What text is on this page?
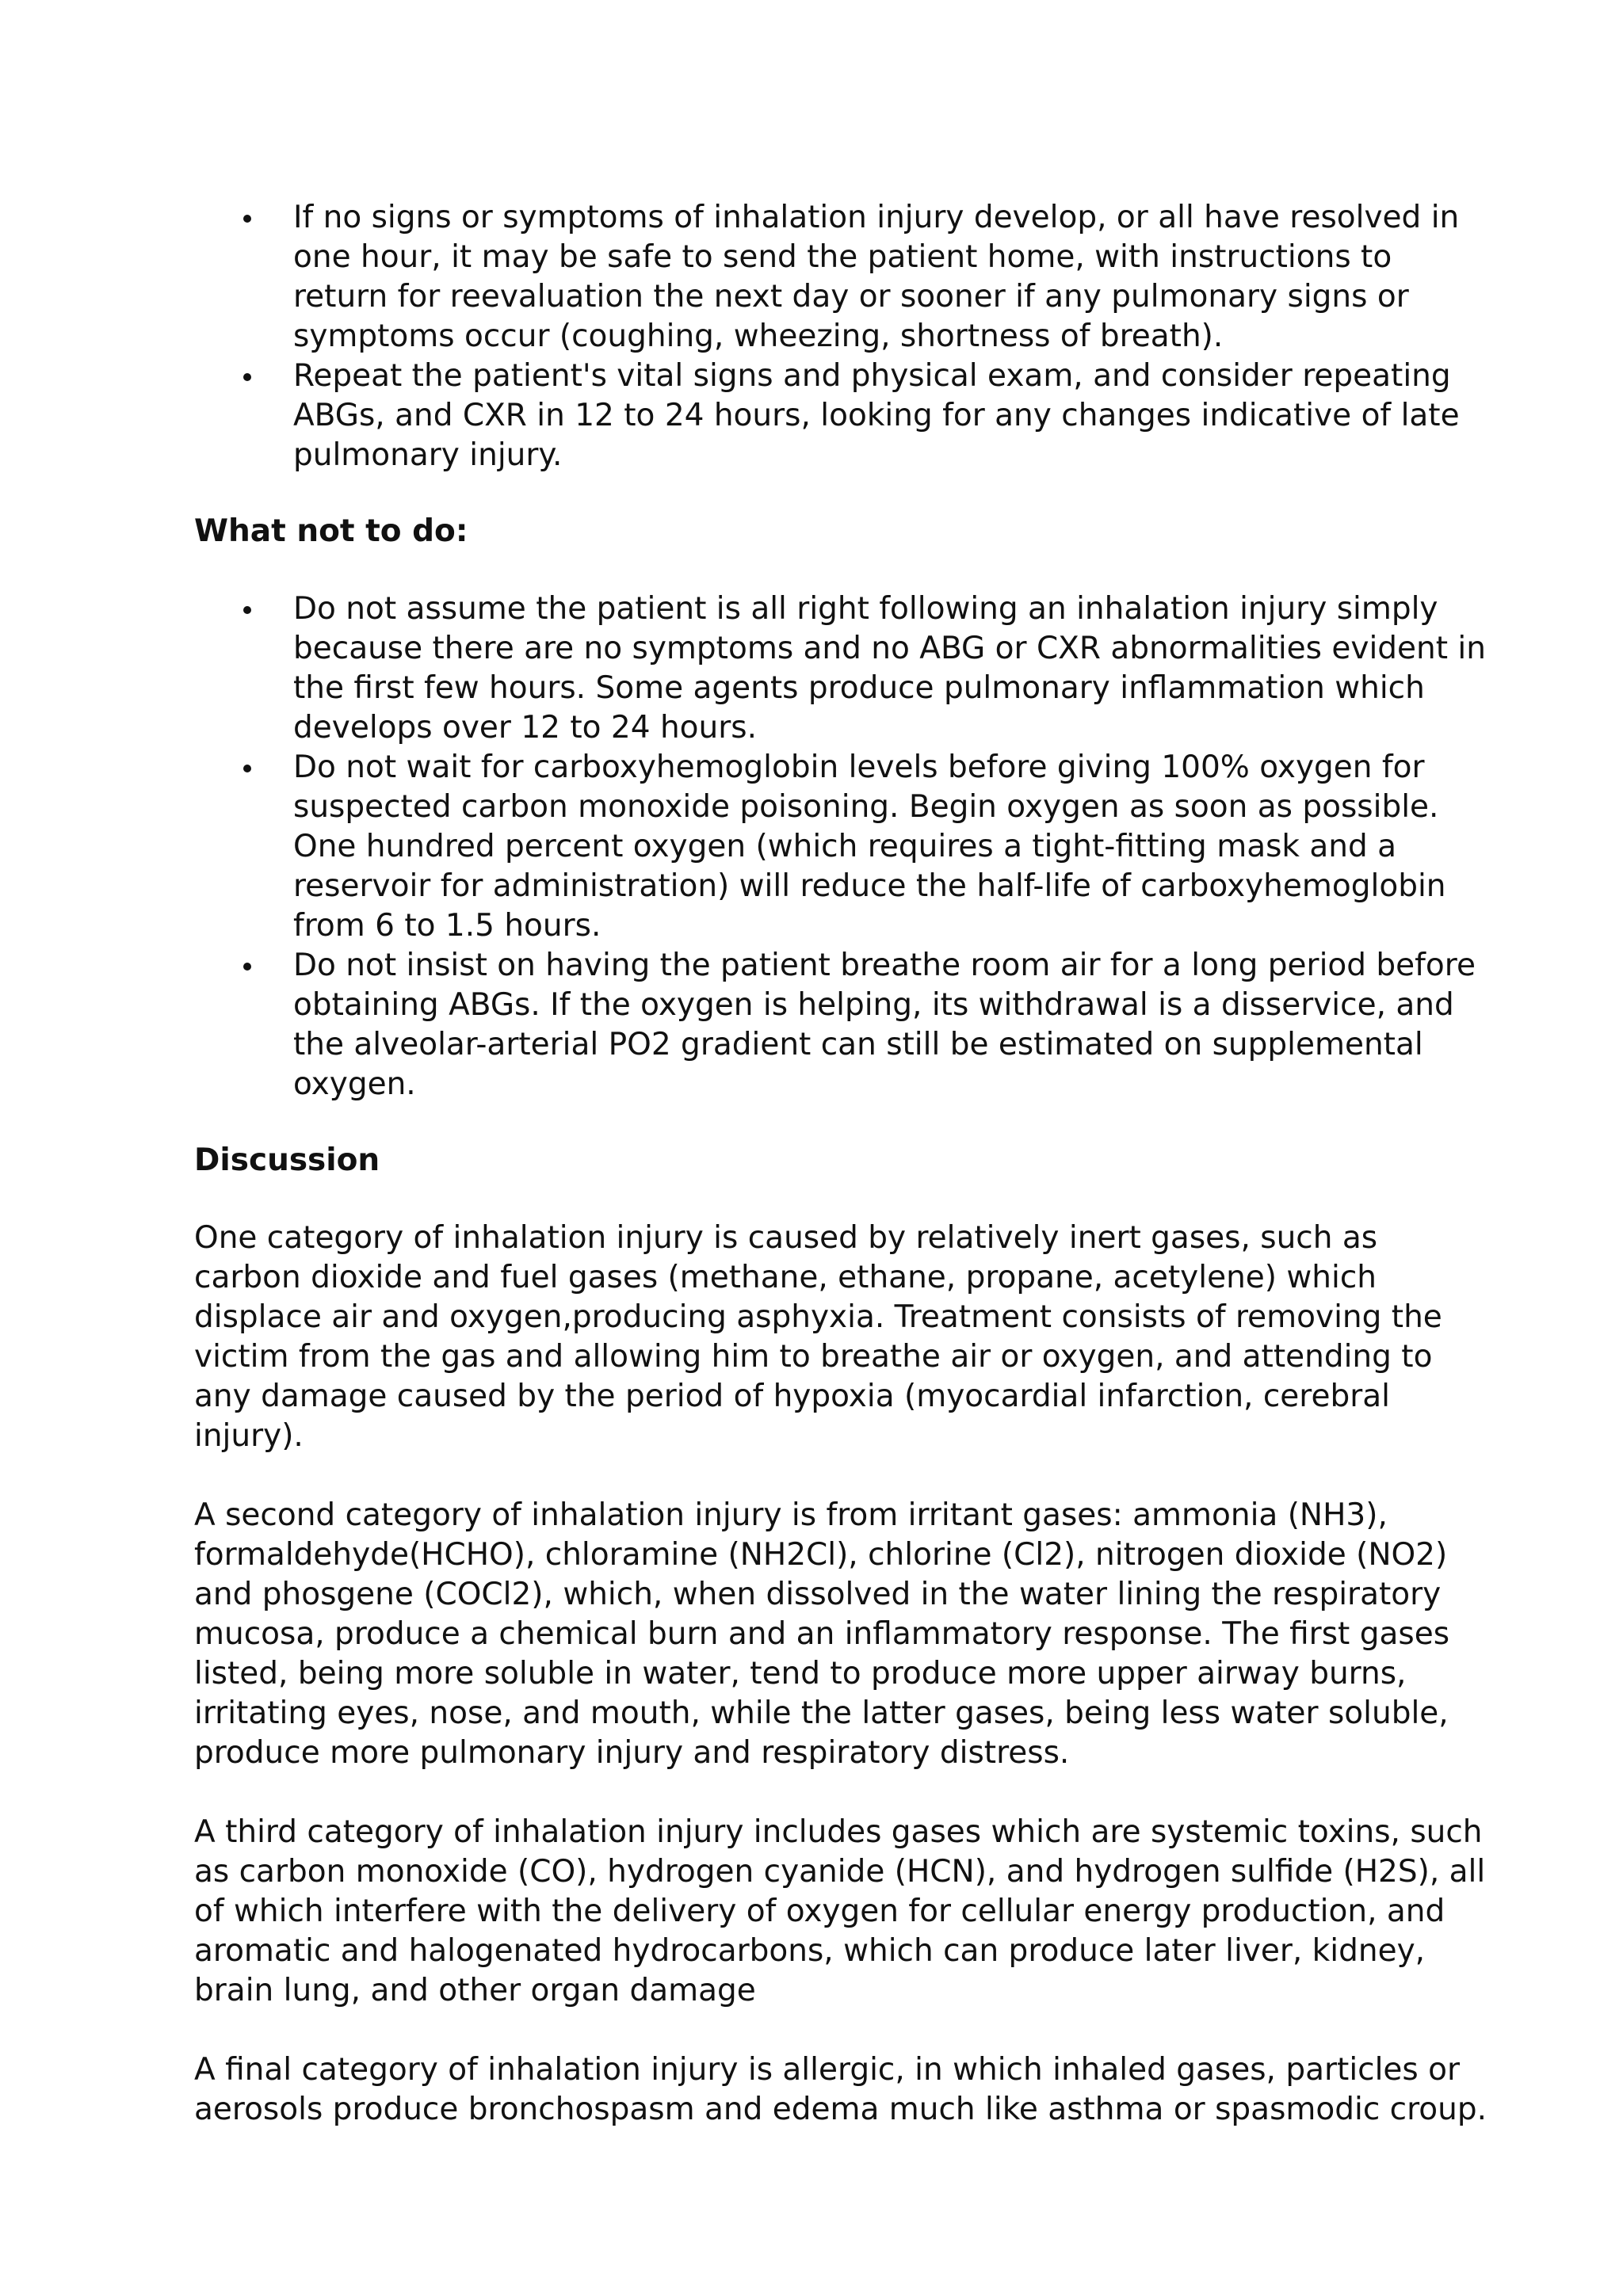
If no signs or symptoms of inhalation injury develop, or all have resolved in one hour, it may be safe to send the patient home, with instructions to return for reevaluation the next day or sooner if any pulmonary signs or symptoms occur (coughing, wheezing, shortness of breath).
Repeat the patient's vital signs and physical exam, and consider repeating ABGs, and CXR in 12 to 24 hours, looking for any changes indicative of late pulmonary injury.
What not to do:
Do not assume the patient is all right following an inhalation injury simply because there are no symptoms and no ABG or CXR abnormalities evident in the first few hours. Some agents produce pulmonary inflammation which develops over 12 to 24 hours.
Do not wait for carboxyhemoglobin levels before giving 100% oxygen for suspected carbon monoxide poisoning. Begin oxygen as soon as possible. One hundred percent oxygen (which requires a tight-fitting mask and a reservoir for administration) will reduce the half-life of carboxyhemoglobin from 6 to 1.5 hours.
Do not insist on having the patient breathe room air for a long period before obtaining ABGs. If the oxygen is helping, its withdrawal is a disservice, and the alveolar-arterial PO2 gradient can still be estimated on supplemental oxygen.
Discussion

One category of inhalation injury is caused by relatively inert gases, such as carbon dioxide and fuel gases (methane, ethane, propane, acetylene) which displace air and oxygen,producing asphyxia. Treatment consists of removing the victim from the gas and allowing him to breathe air or oxygen, and attending to any damage caused by the period of hypoxia (myocardial infarction, cerebral injury).

A second category of inhalation injury is from irritant gases: ammonia (NH3), formaldehyde(HCHO), chloramine (NH2Cl), chlorine (Cl2), nitrogen dioxide (NO2) and phosgene (COCl2), which, when dissolved in the water lining the respiratory mucosa, produce a chemical burn and an inflammatory response. The first gases listed, being more soluble in water, tend to produce more upper airway burns, irritating eyes, nose, and mouth, while the latter gases, being less water soluble, produce more pulmonary injury and respiratory distress.

A third category of inhalation injury includes gases which are systemic toxins, such as carbon monoxide (CO), hydrogen cyanide (HCN), and hydrogen sulfide (H2S), all of which interfere with the delivery of oxygen for cellular energy production, and aromatic and halogenated hydrocarbons, which can produce later liver, kidney, brain lung, and other organ damage

A final category of inhalation injury is allergic, in which inhaled gases, particles or aerosols produce bronchospasm and edema much like asthma or spasmodic croup.
